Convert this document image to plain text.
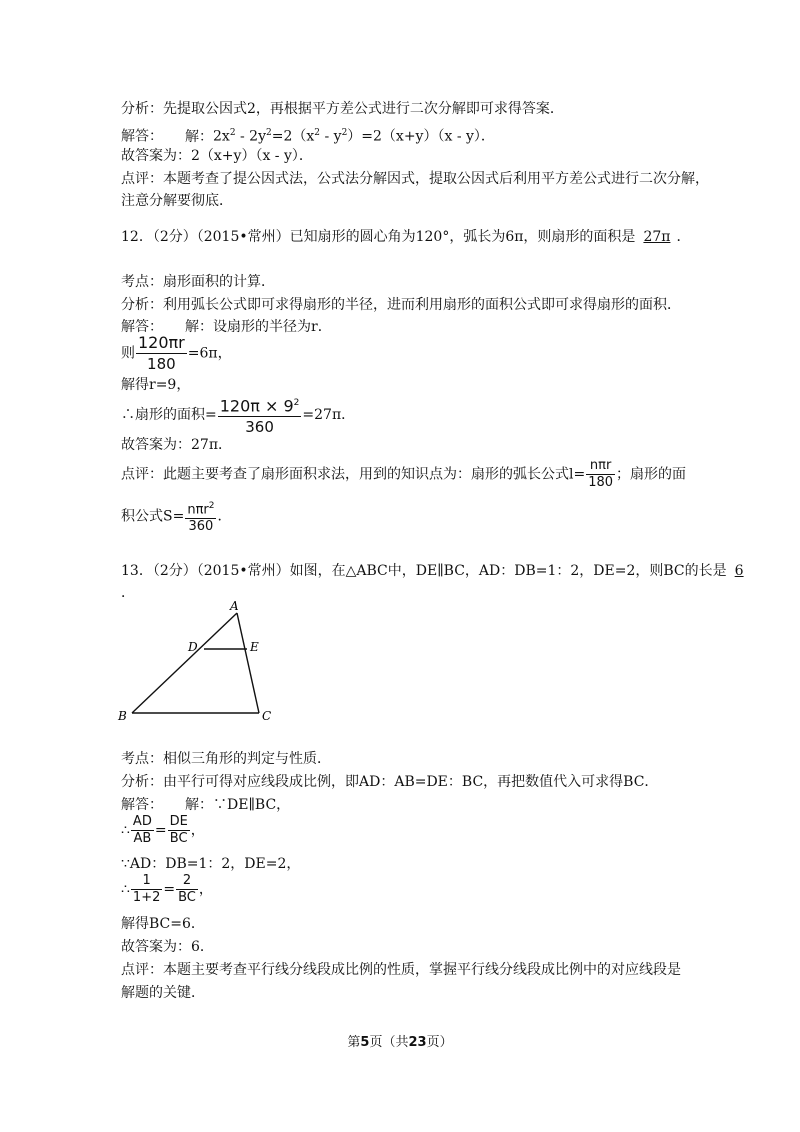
分析：先提取公因式2，再根据平方差公式进行二次分解即可求得答案．
解答： 解：$2x^2 - 2y^2=2(x^2 - y^2)=2(x+y)(x - y)$．
故答案为：2（x+y）（x - y）．
点评：本题考查了提公因式法，公式法分解因式，提取公因式后利用平方差公式进行二次分解，
注意分解要彻底．
12．（2分）（2015•常州）已知扇形的圆心角为120°，弧长为6π，则扇形的面积是 27π ．
考点：扇形面积的计算．
分析：利用弧长公式即可求得扇形的半径，进而利用扇形的面积公式即可求得扇形的面积．
解答： 解：设扇形的半径为r．
则 $\frac{120\pi r}{180} =6\pi$，
解得r=9，
∴扇形的面积= $\frac{120\pi \times 9^2}{360} =27\pi$．
故答案为：27π．
点评：此题主要考查了扇形面积求法，用到的知识点为：扇形的弧长公式$l= \frac{\text{nπr}}{180}$ ；扇形的面
积公式$S= \frac{n\pi r^2}{360}$ ．
13．（2分）（2015•常州）如图，在△ABC中，DE∥BC，AD：DB=1：2，DE=2，则BC的长是 6
．
A
D	E
B	C
考点：相似三角形的判定与性质．
分析：由平行可得对应线段成比例，即AD：AB=DE：BC，再把数值代入可求得BC．
解答： 解：∵DE∥BC，
∴ $\frac{AD}{AB} = \frac{DE}{BC}$ ，
∵AD：DB=1：2，DE=2，
∴ $\frac{1}{1+2} = \frac{2}{BC}$ ，
解得BC=6．
故答案为：6．
点评：本题主要考查平行线分线段成比例的性质，掌握平行线分线段成比例中的对应线段是
解题的关键．
第5页（共23页）
